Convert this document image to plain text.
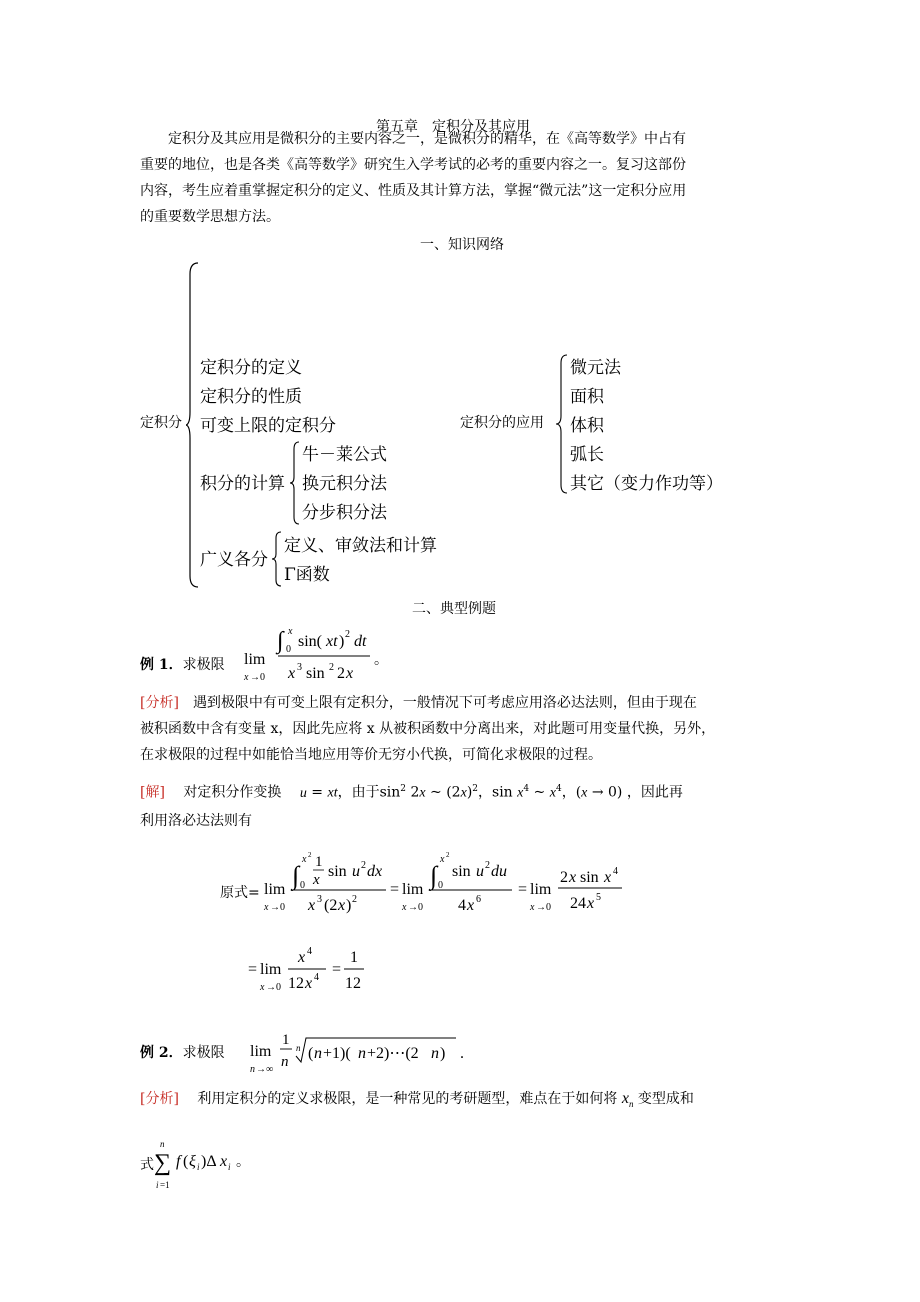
第五章　定积分及其应用

定积分及其应用是微积分的主要内容之一，是微积分的精华，在《高等数学》中占有

重要的地位，也是各类《高等数学》研究生入学考试的必考的重要内容之一。复习这部份

内容，考生应着重掌握定积分的定义、性质及其计算方法，掌握“微元法”这一定积分应用

的重要数学思想方法。

一、知识网络
定积分
定积分的定义
定积分的性质
可变上限的定积分
积分的计算
牛－莱公式
换元积分法
分步积分法
广义各分
定义、审敛法和计算
Γ函数
定积分的应用
微元法
面积
体积
弧长
其它（变力作功等）
二、典型例题
例 1．求极限 lim
x →0
∫ x
0 sin( xt ) 2 dt
x 3 sin 2 2 x
。

[分析]　 遇到极限中有可变上限有定积分，一般情况下可考虑应用洛必达法则，但由于现在

被积函数中含有变量 x，因此先应将 x 从被积函数中分离出来，对此题可用变量代换，另外，

在求极限的过程中如能恰当地应用等价无穷小代换，可简化求极限的过程。

[解]　 对定积分作变换 u = xt，由于$\sin^2 2x$ ~ $(2x)^2$，$\sin x^4$ ~ $x^4$，(x → 0) ，因此再
利用洛必达法则有
原式= lim
x →0
∫
x 2
0
1
x sin u 2 dx
x 3 (2 x ) 2
= lim
x →0
∫
x 2
0
sin u 2 du
4 x 6
= lim
x →0
2 x sin x 4
24 x 5
= lim
x →0
x 4
12 x 4 =
1
12
例 2．求极限 lim
n →∞
1
n
n ( n +1)( n +2)⋯(2 n ) .
[分析]　 利用定积分的定义求极限，是一种常见的考研题型，难点在于如何将 $x_n$ 变型成和
式
n
∑
i =1
f ( ξ i )Δ x i 。
